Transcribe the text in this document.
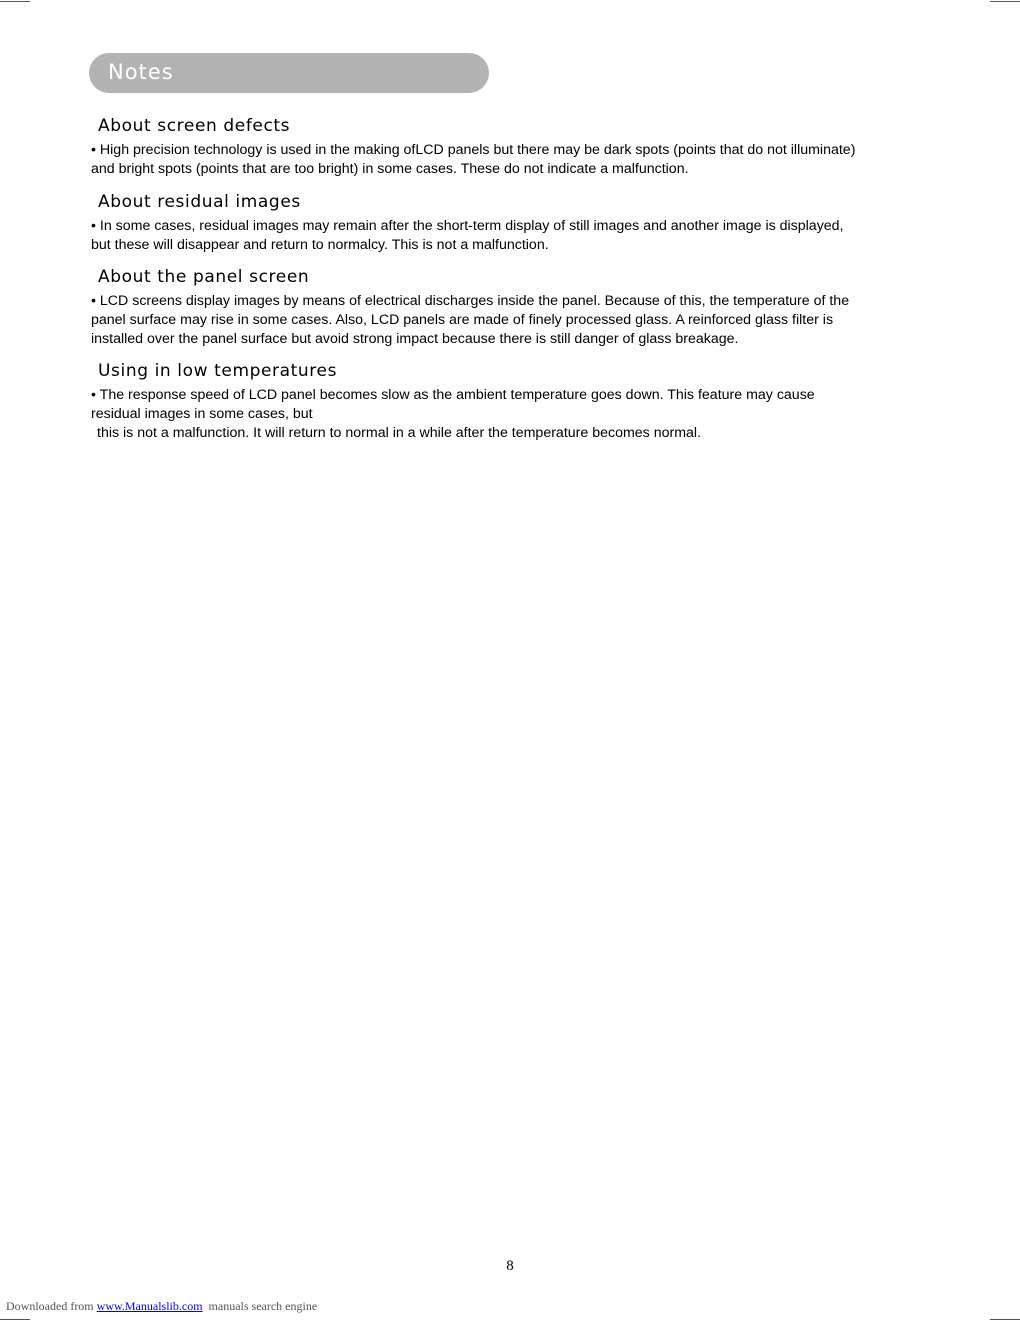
Notes
About screen defects

• High precision technology is used in the making ofLCD panels but there may be dark spots (points that do not illuminate)

and bright spots (points that are too bright) in some cases. These do not indicate a malfunction.

About residual images

• In some cases, residual images may remain after the short-term display of still images and another image is displayed,

but these will disappear and return to normalcy. This is not a malfunction.

About the panel screen

• LCD screens display images by means of electrical discharges inside the panel. Because of this, the temperature of the

panel surface may rise in some cases. Also, LCD panels are made of finely processed glass. A reinforced glass filter is

installed over the panel surface but avoid strong impact because there is still danger of glass breakage.

Using in low temperatures

• The response speed of LCD panel becomes slow as the ambient temperature goes down. This feature may cause

residual images in some cases, but

this is not a malfunction. It will return to normal in a while after the temperature becomes normal.

8
Downloaded from www.Manualslib.com  manuals search engine
